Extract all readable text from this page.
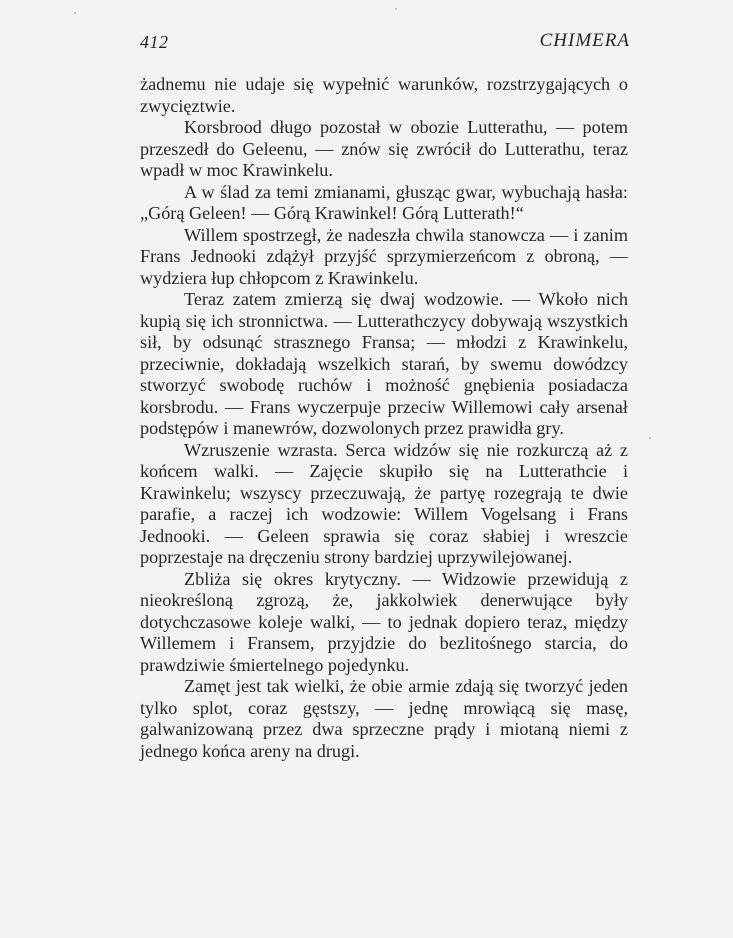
412	CHIMERA

żadnemu nie udaje się wypełnić warunków, rozstrzygających o zwycięztwie.

Korsbrood długo pozostał w obozie Lutterathu, — potem przeszedł do Geleenu, — znów się zwrócił do Lutterathu, teraz wpadł w moc Krawinkelu.

A w ślad za temi zmianami, głusząc gwar, wybuchają hasła: „Górą Geleen! — Górą Krawinkel! Górą Lutterath!“

Willem spostrzegł, że nadeszła chwila stanowcza — i zanim Frans Jednooki zdążył przyjść sprzymierzeńcom z obroną, — wydziera łup chłopcom z Krawinkelu.

Teraz zatem zmierzą się dwaj wodzowie. — Wkoło nich kupią się ich stronnictwa. — Lutterathczycy dobywają wszystkich sił, by odsunąć strasznego Fransa; — młodzi z Krawinkelu, przeciwnie, dokładają wszelkich starań, by swemu dowódzcy stworzyć swobodę ruchów i możność gnębienia posiadacza korsbrodu. — Frans wyczerpuje przeciw Willemowi cały arsenał podstępów i manewrów, dozwolonych przez prawidła gry.

Wzruszenie wzrasta. Serca widzów się nie rozkurczą aż z końcem walki. — Zajęcie skupiło się na Lutterathcie i Krawinkelu; wszyscy przeczuwają, że partyę rozegrają te dwie parafie, a raczej ich wodzowie: Willem Vogelsang i Frans Jednooki. — Geleen sprawia się coraz słabiej i wreszcie poprzestaje na dręczeniu strony bardziej uprzywilejowanej.

Zbliża się okres krytyczny. — Widzowie przewidują z nieokreśloną zgrozą, że, jakkolwiek denerwujące były dotychczasowe koleje walki, — to jednak dopiero teraz, między Willemem i Fransem, przyjdzie do bezlitośnego starcia, do prawdziwie śmiertelnego pojedynku.

Zamęt jest tak wielki, że obie armie zdają się tworzyć jeden tylko splot, coraz gęstszy, — jednę mrowiącą się masę, galwanizowaną przez dwa sprzeczne prądy i miotaną niemi z jednego końca areny na drugi.
